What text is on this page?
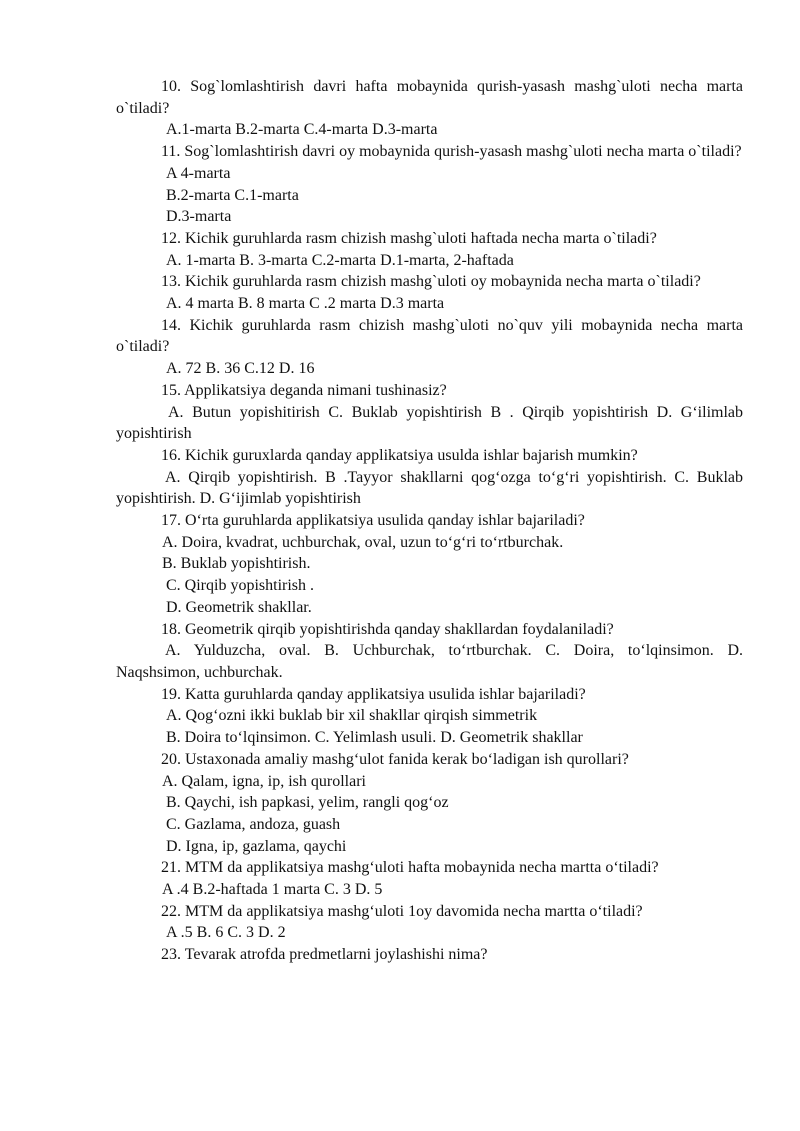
10. Sog`lomlashtirish davri hafta mobaynida qurish-yasash mashg`uloti necha marta o`tiladi?

A.1-marta B.2-marta C.4-marta D.3-marta

11. Sog`lomlashtirish davri oy mobaynida qurish-yasash mashg`uloti necha marta o`tiladi?

A 4-marta

B.2-marta C.1-marta

D.3-marta

12. Kichik guruhlarda rasm chizish mashg`uloti haftada necha marta o`tiladi?

A. 1-marta B. 3-marta C.2-marta D.1-marta, 2-haftada

13. Kichik guruhlarda rasm chizish mashg`uloti oy mobaynida necha marta o`tiladi?

A. 4 marta B. 8 marta C .2 marta D.3 marta

14. Kichik guruhlarda rasm chizish mashg`uloti no`quv yili mobaynida necha marta o`tiladi?

A. 72 B. 36 C.12 D. 16

15. Applikatsiya deganda nimani tushinasiz?

A. Butun yopishitirish C. Buklab yopishtirish B . Qirqib yopishtirish D. G‘ilimlab yopishtirish

16. Kichik guruxlarda qanday applikatsiya usulda ishlar bajarish mumkin?

A. Qirqib yopishtirish. B .Tayyor shakllarni qog‘ozga to‘g‘ri yopishtirish. C. Buklab yopishtirish. D. G‘ijimlab yopishtirish

17. O‘rta guruhlarda applikatsiya usulida qanday ishlar bajariladi?

A. Doira, kvadrat, uchburchak, oval, uzun to‘g‘ri to‘rtburchak.

B. Buklab yopishtirish.

C. Qirqib yopishtirish .

D. Geometrik shakllar.

18. Geometrik qirqib yopishtirishda qanday shakllardan foydalaniladi?

A. Yulduzcha, oval. B. Uchburchak, to‘rtburchak. C. Doira, to‘lqinsimon. D. Naqshsimon, uchburchak.

19. Katta guruhlarda qanday applikatsiya usulida ishlar bajariladi?

A. Qog‘ozni ikki buklab bir xil shakllar qirqish simmetrik

B. Doira to‘lqinsimon. C. Yelimlash usuli. D. Geometrik shakllar

20. Ustaxonada amaliy mashg‘ulot fanida kerak bo‘ladigan ish qurollari?

A. Qalam, igna, ip, ish qurollari

B. Qaychi, ish papkasi, yelim, rangli qog‘oz

C. Gazlama, andoza, guash

D. Igna, ip, gazlama, qaychi

21. MTM da applikatsiya mashg‘uloti hafta mobaynida necha martta o‘tiladi?

A .4 B.2-haftada 1 marta C. 3 D. 5

22. MTM da applikatsiya mashg‘uloti 1oy davomida necha martta o‘tiladi?

A .5 B. 6 C. 3 D. 2

23. Tevarak atrofda predmetlarni joylashishi nima?
